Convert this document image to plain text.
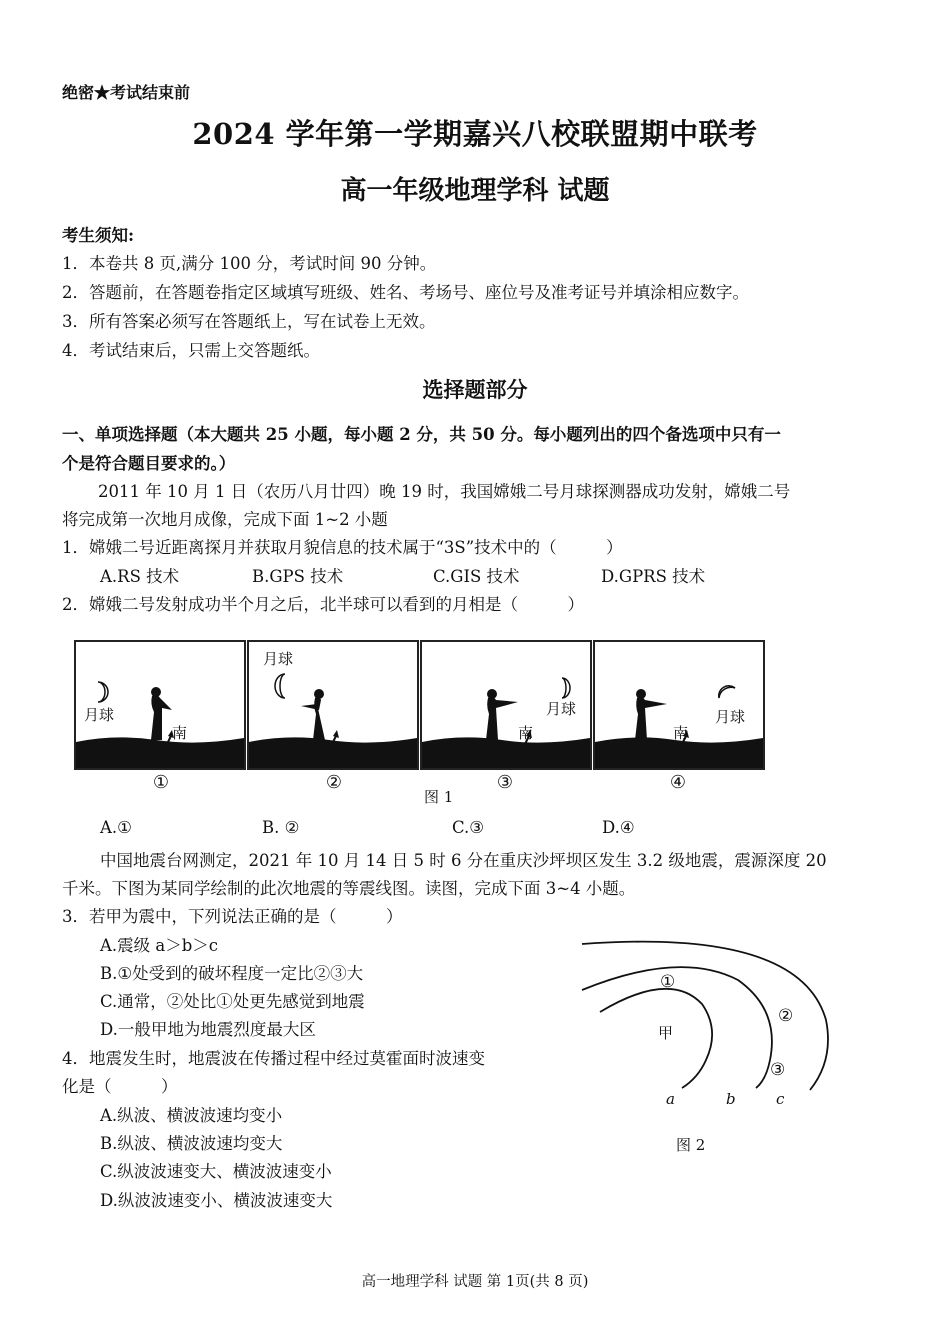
绝密★考试结束前
2024 学年第一学期嘉兴八校联盟期中联考
高一年级地理学科 试题
考生须知:
1．本卷共 8 页,满分 100 分，考试时间 90 分钟。
2．答题前，在答题卷指定区域填写班级、姓名、考场号、座位号及准考证号并填涂相应数字。
3．所有答案必须写在答题纸上，写在试卷上无效。
4．考试结束后，只需上交答题纸。
选择题部分
一、单项选择题（本大题共 25 小题，每小题 2 分，共 50 分。每小题列出的四个备选项中只有一
个是符合题目要求的。）
2011 年 10 月 1 日（农历八月廿四）晚 19 时，我国嫦娥二号月球探测器成功发射，嫦娥二号
将完成第一次地月成像，完成下面 1~2 小题
1．嫦娥二号近距离探月并获取月貌信息的技术属于“3S”技术中的（　　　）
A.RS 技术	B.GPS 技术	C.GIS 技术	D.GPRS 技术
2．嫦娥二号发射成功半个月之后，北半球可以看到的月相是（　　　）
月球
南
月球
月球
南
月球
南
①	②	③	④
图 1
A.①	B. ②	C.③	D.④
中国地震台网测定，2021 年 10 月 14 日 5 时 6 分在重庆沙坪坝区发生 3.2 级地震，震源深度 20
千米。下图为某同学绘制的此次地震的等震线图。读图，完成下面 3~4 小题。
3．若甲为震中，下列说法正确的是（　　　）
A.震级 a＞b＞c
B.①处受到的破坏程度一定比②③大
C.通常，②处比①处更先感觉到地震
D.一般甲地为地震烈度最大区
4．地震发生时，地震波在传播过程中经过莫霍面时波速变
化是（　　　）
A.纵波、横波波速均变小
B.纵波、横波波速均变大
C.纵波波速变大、横波波速变小
D.纵波波速变小、横波波速变大
①
②
③
甲
a	b	c
图 2
高一地理学科 试题 第 1页(共 8 页)
